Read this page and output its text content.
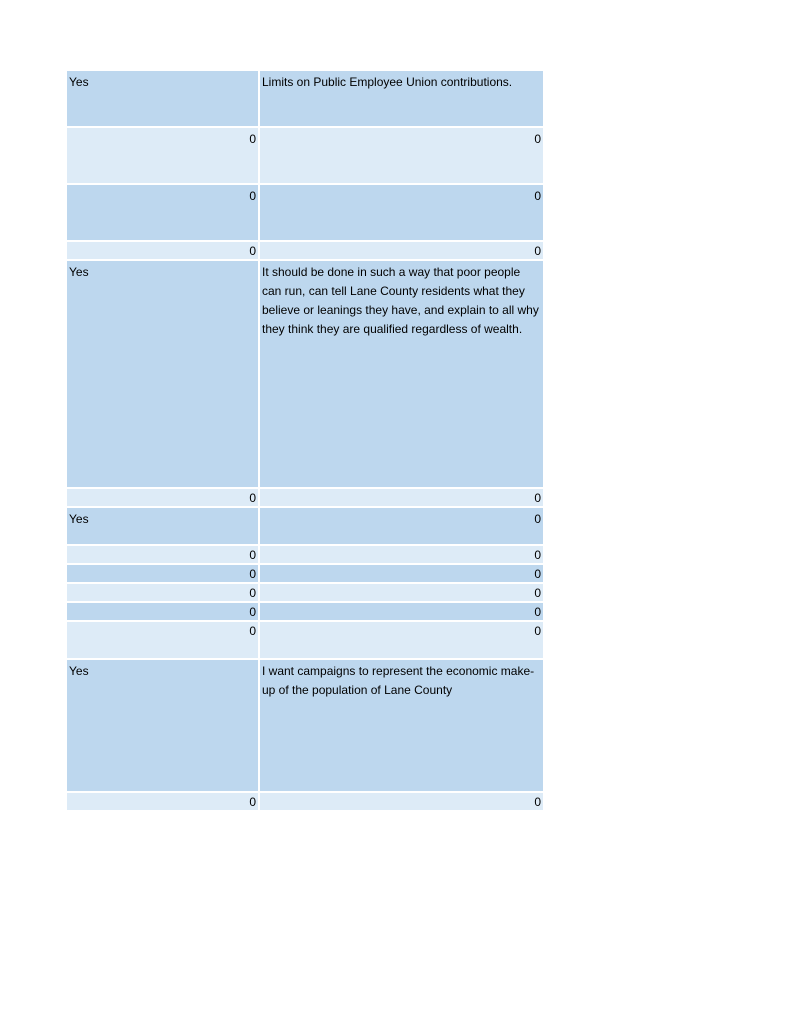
Yes	Limits on Public Employee Union contributions.
0	0
0	0
0	0
Yes	It should be done in such a way that poor people can run, can tell Lane County residents what they believe or leanings they have, and explain to all why they think they are qualified regardless of wealth.
0	0
Yes	0
0	0
0	0
0	0
0	0
0	0
Yes	I want campaigns to represent the economic make-up of the population of Lane County
0	0
